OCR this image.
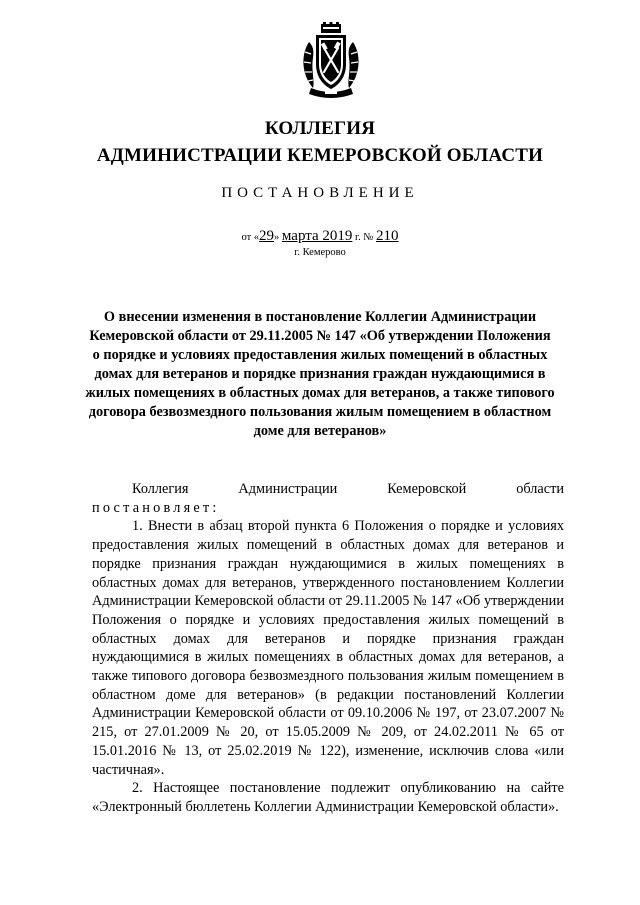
КОЛЛЕГИЯ
АДМИНИСТРАЦИИ КЕМЕРОВСКОЙ ОБЛАСТИ
ПОСТАНОВЛЕНИЕ
от «29» марта 2019 г. № 210
г. Кемерово
О внесении изменения в постановление Коллегии Администрации Кемеровской области от 29.11.2005 № 147 «Об утверждении Положения о порядке и условиях предоставления жилых помещений в областных домах для ветеранов и порядке признания граждан нуждающимися в жилых помещениях в областных домах для ветеранов, а также типового договора безвозмездного пользования жилым помещением в областном доме для ветеранов»

Коллегия Администрации Кемеровской области

постановляет:

1. Внести в абзац второй пункта 6 Положения о порядке и условиях предоставления жилых помещений в областных домах для ветеранов и порядке признания граждан нуждающимися в жилых помещениях в областных домах для ветеранов, утвержденного постановлением Коллегии Администрации Кемеровской области от 29.11.2005 № 147 «Об утверждении Положения о порядке и условиях предоставления жилых помещений в областных домах для ветеранов и порядке признания граждан нуждающимися в жилых помещениях в областных домах для ветеранов, а также типового договора безвозмездного пользования жилым помещением в областном доме для ветеранов» (в редакции постановлений Коллегии Администрации Кемеровской области от 09.10.2006 № 197, от 23.07.2007 № 215, от 27.01.2009 № 20, от 15.05.2009 № 209, от 24.02.2011 № 65 от 15.01.2016 № 13, от 25.02.2019 № 122), изменение, исключив слова «или частичная».

2. Настоящее постановление подлежит опубликованию на сайте «Электронный бюллетень Коллегии Администрации Кемеровской области».
